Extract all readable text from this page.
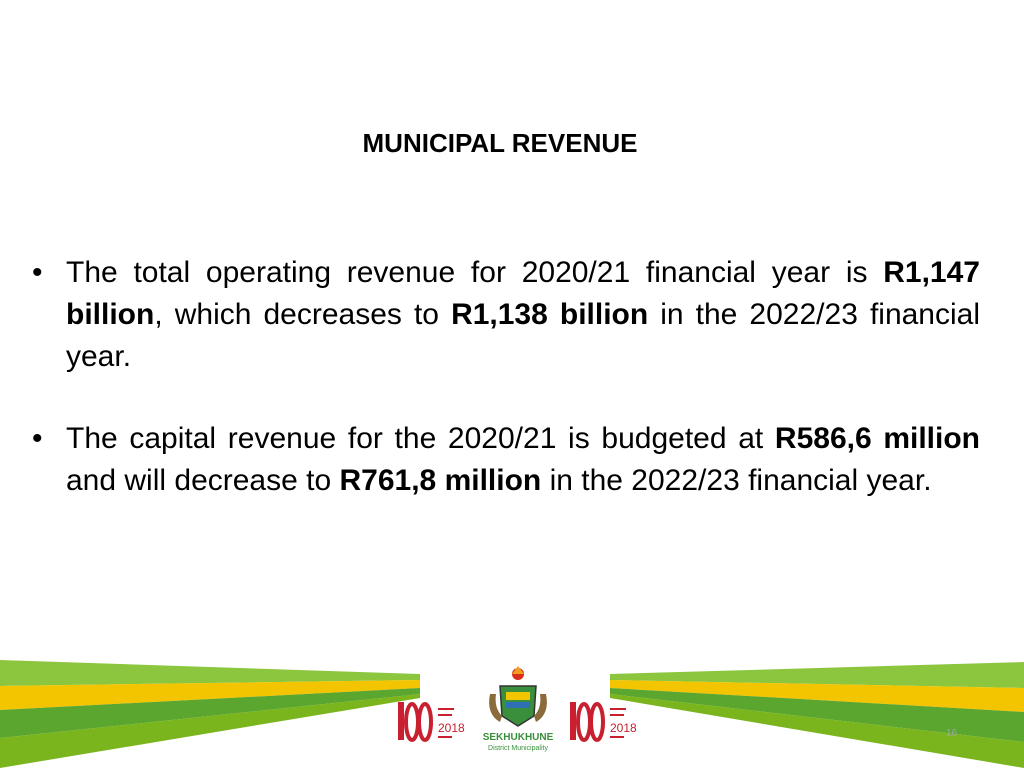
MUNICIPAL REVENUE
• The total operating revenue for 2020/21 financial year is R1,147 billion, which decreases to R1,138 billion in the 2022/23 financial year.
• The capital revenue for the 2020/21 is budgeted at R586,6 million and will decrease to R761,8 million in the 2022/23 financial year.
2018
SEKHUKHUNE
District Municipality
2018	16
